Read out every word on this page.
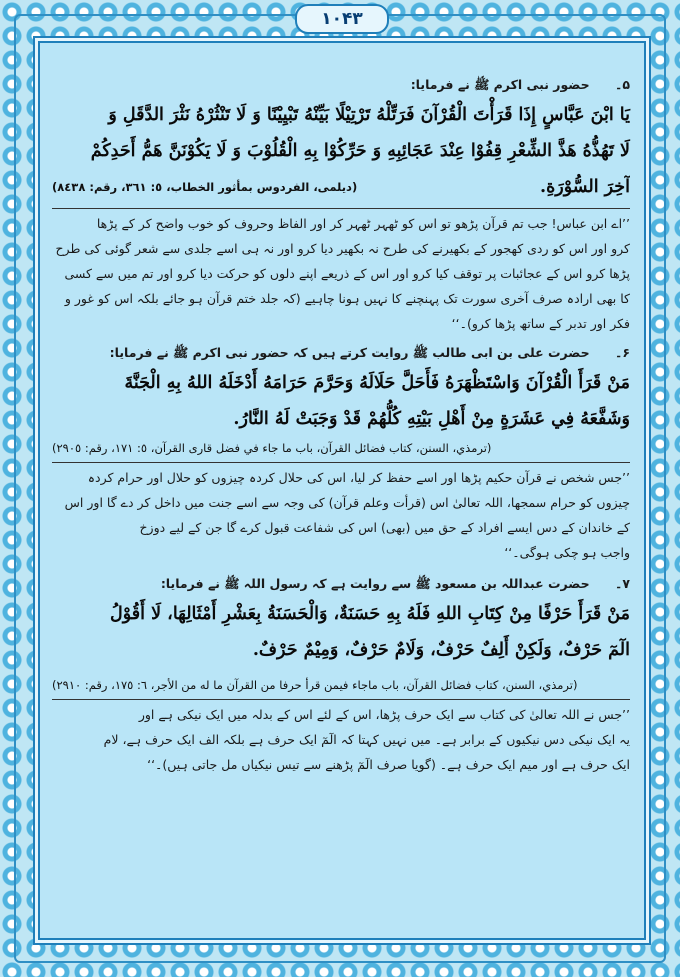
۱۰۴۳

۵۔ حضور نبی اکرم ﷺ نے فرمایا:

يَا ابْنَ عَبَّاسٍ إِذَا قَرَأْتَ الْقُرْآنَ فَرَتِّلْهُ تَرْتِيْلًا بَيِّنْهُ تَبْيِيْنًا وَ لَا تَنْثُرْهُ نَثْرَ الدَّقَلِ وَ

لَا تَهُذُّهُ هَذَّ الشِّعْرِ قِفُوْا عِنْدَ عَجَائِبِهِ وَ حَرِّكُوْا بِهِ الْقُلُوْبَ وَ لَا يَكُوْنَنَّ هَمُّ أَحَدِكُمْ

آخِرَ السُّوْرَةِ.
(ديلمى، الفردوس بمأثور الخطاب، ٥: ٣٦١، رقم: ٨٤٣٨)

’’اے ابن عباس! جب تم قرآن پڑھو تو اس کو ٹھہر ٹھہر کر اور الفاظ وحروف کو خوب واضح کر کے پڑھا

کرو اور اس کو ردی کھجور کے بکھیرنے کی طرح نہ بکھیر دیا کرو اور نہ ہی اسے جلدی سے شعر گوئی کی طرح

پڑھا کرو اس کے عجائبات پر توقف کیا کرو اور اس کے ذریعے اپنے دلوں کو حرکت دیا کرو اور تم میں سے کسی

کا بھی ارادہ صرف آخری سورت تک پہنچنے کا نہیں ہونا چاہیے (کہ جلد ختم قرآن ہو جائے بلکہ اس کو غور و

فکر اور تدبر کے ساتھ پڑھا کرو)۔‘‘

۶۔ حضرت علی بن ابی طالب ﷺ روایت کرتے ہیں کہ حضور نبی اکرم ﷺ نے فرمایا:

مَنْ قَرَأَ الْقُرْآنَ وَاسْتَظْهَرَهُ فَأَحَلَّ حَلَالَهُ وَحَرَّمَ حَرَامَهُ أَدْخَلَهُ اللهُ بِهِ الْجَنَّةَ

وَشَفَّعَهُ فِي عَشَرَةٍ مِنْ أَهْلِ بَيْتِهِ كُلُّهُمْ قَدْ وَجَبَتْ لَهُ النَّارُ.

(ترمذي، السنن، كتاب فضائل القرآن، باب ما جاء في فضل قارى القرآن، ٥: ١٧١، رقم: ٢٩٠٥)

’’جس شخص نے قرآن حکیم پڑھا اور اسے حفظ کر لیا، اس کی حلال کردہ چیزوں کو حلال اور حرام کردہ

چیزوں کو حرام سمجھا، اللہ تعالیٰ اس (قرأت وعلم قرآن) کی وجہ سے اسے جنت میں داخل کر دے گا اور اس

کے خاندان کے دس ایسے افراد کے حق میں (بھی) اس کی شفاعت قبول کرے گا جن کے لیے دوزخ

واجب ہو چکی ہوگی۔‘‘

۷۔ حضرت عبداللہ بن مسعود ﷺ سے روایت ہے کہ رسول اللہ ﷺ نے فرمایا:

مَنْ قَرَأَ حَرْفًا مِنْ كِتَابِ اللهِ فَلَهُ بِهِ حَسَنَةٌ، وَالْحَسَنَةُ بِعَشْرِ أَمْثَالِهَا، لَا أَقُوْلُ

الٓمٓ حَرْفٌ، وَلَكِنْ أَلِفٌ حَرْفٌ، وَلَامٌ حَرْفٌ، وَمِيْمٌ حَرْفٌ.

(ترمذي، السنن، كتاب فضائل القرآن، باب ماجاء فيمن قرأ حرفا من القرآن ما له من الأجر، ٦: ١٧٥، رقم: ٢٩١٠)

’’جس نے اللہ تعالیٰ کی کتاب سے ایک حرف پڑھا، اس کے لئے اس کے بدلہ میں ایک نیکی ہے اور

یہ ایک نیکی دس نیکیوں کے برابر ہے۔ میں نہیں کہتا کہ الٓمٓ ایک حرف ہے بلکہ الف ایک حرف ہے، لام

ایک حرف ہے اور میم ایک حرف ہے۔ (گویا صرف الٓمٓ پڑھنے سے تیس نیکیاں مل جاتی ہیں)۔‘‘
